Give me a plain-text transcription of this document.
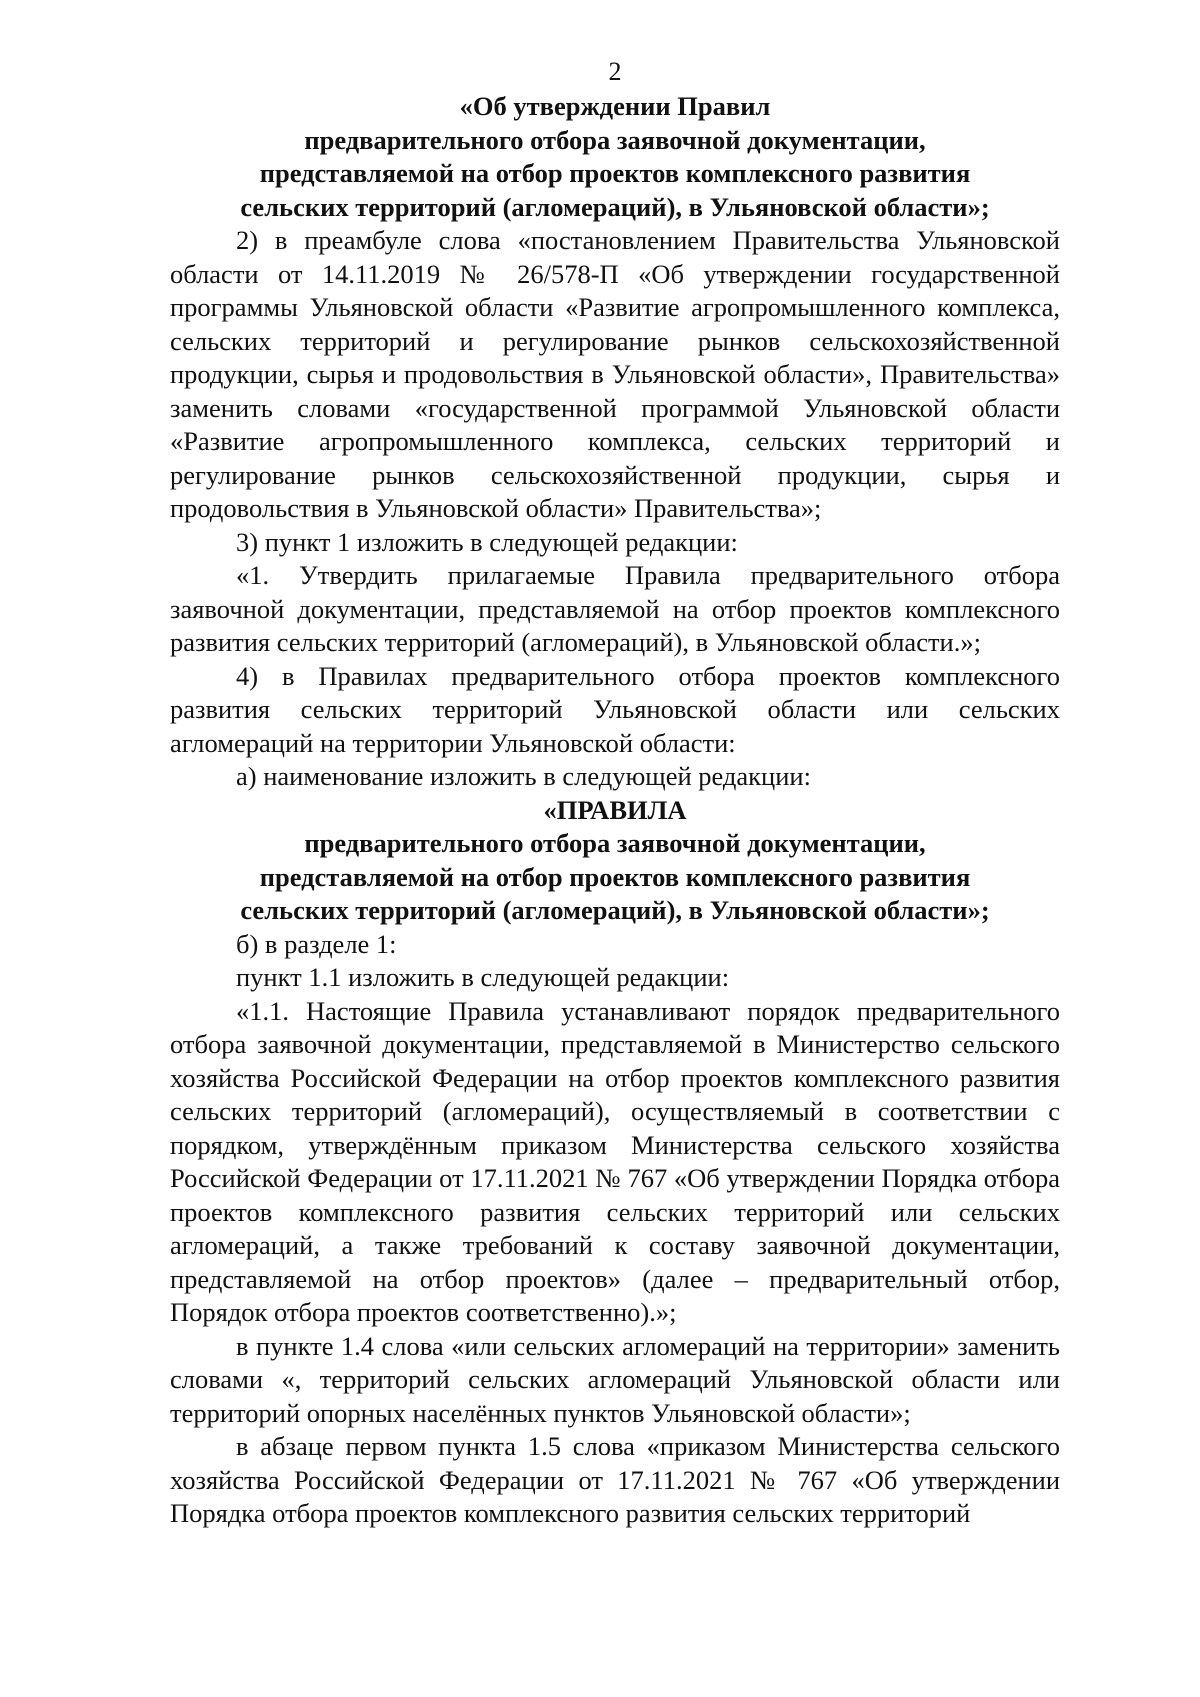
2
«Об утверждении Правил
предварительного отбора заявочной документации,
представляемой на отбор проектов комплексного развития
сельских территорий (агломераций), в Ульяновской области»;

2) в преамбуле слова «постановлением Правительства Ульяновской области от 14.11.2019 № 26/578-П «Об утверждении государственной программы Ульяновской области «Развитие агропромышленного комплекса, сельских территорий и регулирование рынков сельскохозяйственной продукции, сырья и продовольствия в Ульяновской области», Правительства» заменить словами «государственной программой Ульяновской области «Развитие агропромышленного комплекса, сельских территорий и регулирование рынков сельскохозяйственной продукции, сырья и продовольствия в Ульяновской области» Правительства»;

3) пункт 1 изложить в следующей редакции:

«1. Утвердить прилагаемые Правила предварительного отбора заявочной документации, представляемой на отбор проектов комплексного развития сельских территорий (агломераций), в Ульяновской области.»;

4) в Правилах предварительного отбора проектов комплексного развития сельских территорий Ульяновской области или сельских агломераций на территории Ульяновской области:

а) наименование изложить в следующей редакции:

«ПРАВИЛА
предварительного отбора заявочной документации,
представляемой на отбор проектов комплексного развития
сельских территорий (агломераций), в Ульяновской области»;

б) в разделе 1:

пункт 1.1 изложить в следующей редакции:

«1.1. Настоящие Правила устанавливают порядок предварительного отбора заявочной документации, представляемой в Министерство сельского хозяйства Российской Федерации на отбор проектов комплексного развития сельских территорий (агломераций), осуществляемый в соответствии с порядком, утверждённым приказом Министерства сельского хозяйства Российской Федерации от 17.11.2021 № 767 «Об утверждении Порядка отбора проектов комплексного развития сельских территорий или сельских агломераций, а также требований к составу заявочной документации, представляемой на отбор проектов» (далее – предварительный отбор, Порядок отбора проектов соответственно).»;

в пункте 1.4 слова «или сельских агломераций на территории» заменить словами «, территорий сельских агломераций Ульяновской области или территорий опорных населённых пунктов Ульяновской области»;

в абзаце первом пункта 1.5 слова «приказом Министерства сельского хозяйства Российской Федерации от 17.11.2021 № 767 «Об утверждении Порядка отбора проектов комплексного развития сельских территорий
